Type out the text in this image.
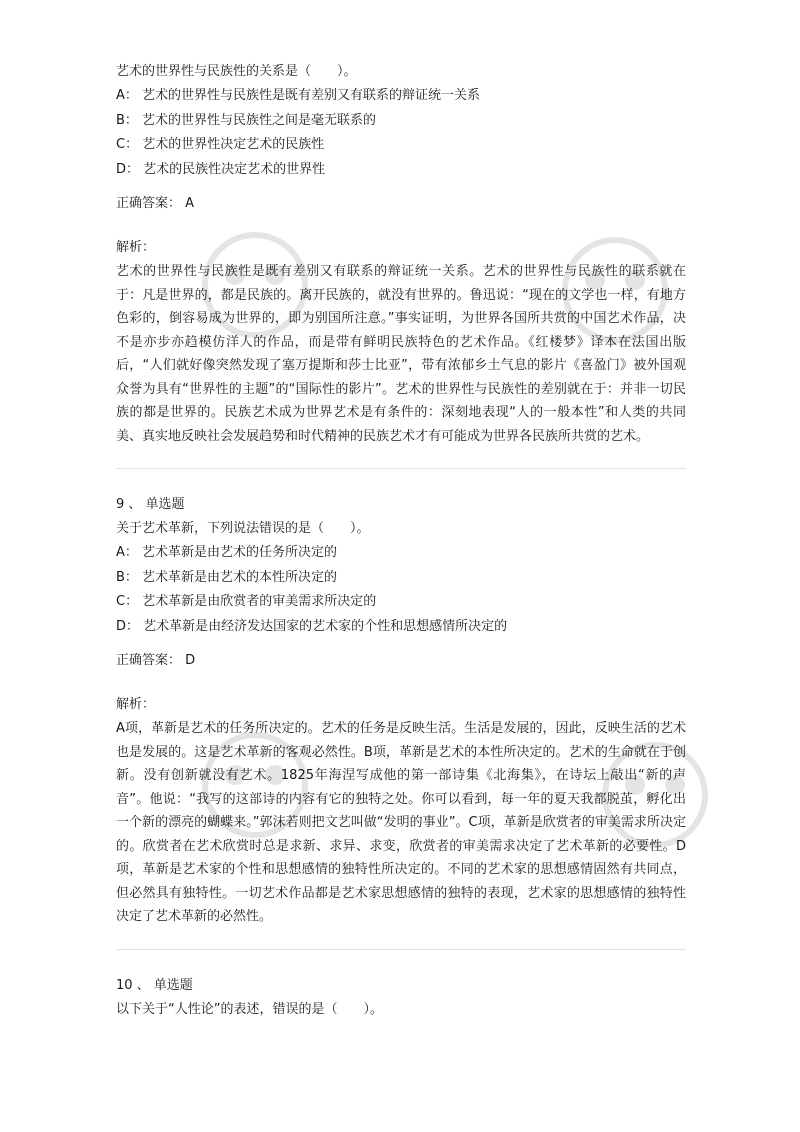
艺术的世界性与民族性的关系是（　　）。
A： 艺术的世界性与民族性是既有差别又有联系的辩证统一关系
B： 艺术的世界性与民族性之间是毫无联系的
C： 艺术的世界性决定艺术的民族性
D： 艺术的民族性决定艺术的世界性
正确答案： A
解析：
艺术的世界性与民族性是既有差别又有联系的辩证统一关系。艺术的世界性与民族性的联系就在于：凡是世界的，都是民族的。离开民族的，就没有世界的。鲁迅说：“现在的文学也一样，有地方色彩的，倒容易成为世界的，即为别国所注意。”事实证明，为世界各国所共赏的中国艺术作品，决不是亦步亦趋模仿洋人的作品，而是带有鲜明民族特色的艺术作品。《红楼梦》译本在法国出版后，“人们就好像突然发现了塞万提斯和莎士比亚”，带有浓郁乡土气息的影片《喜盈门》被外国观众誉为具有“世界性的主题”的“国际性的影片”。艺术的世界性与民族性的差别就在于：并非一切民族的都是世界的。民族艺术成为世界艺术是有条件的：深刻地表现“人的一般本性”和人类的共同美、真实地反映社会发展趋势和时代精神的民族艺术才有可能成为世界各民族所共赏的艺术。
9 、 单选题
关于艺术革新，下列说法错误的是（　　）。
A： 艺术革新是由艺术的任务所决定的
B： 艺术革新是由艺术的本性所决定的
C： 艺术革新是由欣赏者的审美需求所决定的
D： 艺术革新是由经济发达国家的艺术家的个性和思想感情所决定的
正确答案： D
解析：
A项，革新是艺术的任务所决定的。艺术的任务是反映生活。生活是发展的，因此，反映生活的艺术也是发展的。这是艺术革新的客观必然性。B项，革新是艺术的本性所决定的。艺术的生命就在于创新。没有创新就没有艺术。1825年海涅写成他的第一部诗集《北海集》，在诗坛上敲出“新的声音”。他说：“我写的这部诗的内容有它的独特之处。你可以看到，每一年的夏天我都脱茧，孵化出一个新的漂亮的蝴蝶来。”郭沫若则把文艺叫做“发明的事业”。C项，革新是欣赏者的审美需求所决定的。欣赏者在艺术欣赏时总是求新、求异、求变，欣赏者的审美需求决定了艺术革新的必要性。D项，革新是艺术家的个性和思想感情的独特性所决定的。不同的艺术家的思想感情固然有共同点，但必然具有独特性。一切艺术作品都是艺术家思想感情的独特的表现，艺术家的思想感情的独特性决定了艺术革新的必然性。
10 、 单选题
以下关于“人性论”的表述，错误的是（　　）。
